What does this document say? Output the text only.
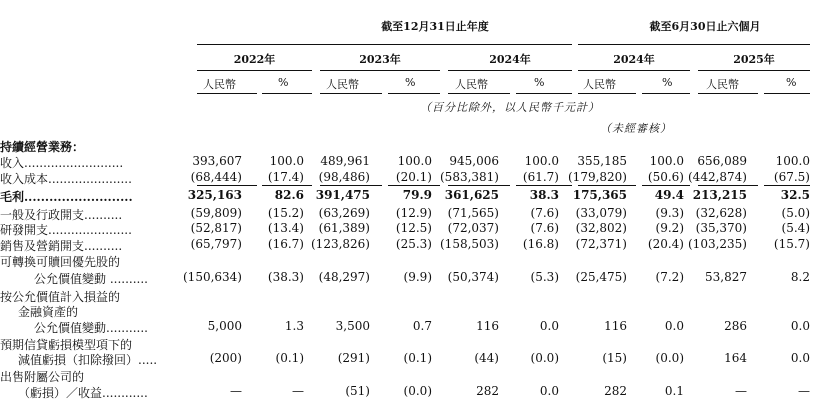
截至12月31日止年度	截至6月30日止六個月
2022年	2023年	2024年	2024年	2025年
人民幣	%	人民幣	%	人民幣	%	人民幣	%	人民幣	%
（百分比除外，以人民幣千元計）
（未經審核）
持續經營業務：
收入..........................	393,607	100.0	489,961	100.0	945,006	100.0	355,185	100.0	656,089	100.0
收入成本......................	(68,444)	(17.4)	(98,486)	(20.1) (583,381)	(61.7) (179,820)	(50.6) (442,874)	(67.5)
毛利..........................	325,163	82.6 391,475	79.9	361,625	38.3	175,365	49.4 213,215	32.5
一般及行政開支..........	(59,809)	(15.2)	(63,269)	(12.9)	(71,565)	(7.6)	(33,079)	(9.3) (32,628)	(5.0)
研發開支......................	(52,817)	(13.4)	(61,389)	(12.5)	(72,037)	(7.6)	(32,802)	(9.2) (35,370)	(5.4)
銷售及營銷開支..........	(65,797)	(16.7) (123,826)	(25.3) (158,503)	(16.8)	(72,371)	(20.4) (103,235)	(15.7)
可轉換可贖回優先股的
公允價值變動 ..........	(150,634)	(38.3)	(48,297)	(9.9)	(50,374)	(5.3)	(25,475)	(7.2)	53,827	8.2
按公允價值計入損益的
金融資產的
公允價值變動...........	5,000	1.3	3,500	0.7	116	0.0	116	0.0	286	0.0
預期信貸虧損模型項下的
減值虧損（扣除撥回）.....	(200)	(0.1)	(291)	(0.1)	(44)	(0.0)	(15)	(0.0)	164	0.0
出售附屬公司的
（虧損）／收益............	—	—	(51)	(0.0)	282	0.0	282	0.1	—	—
